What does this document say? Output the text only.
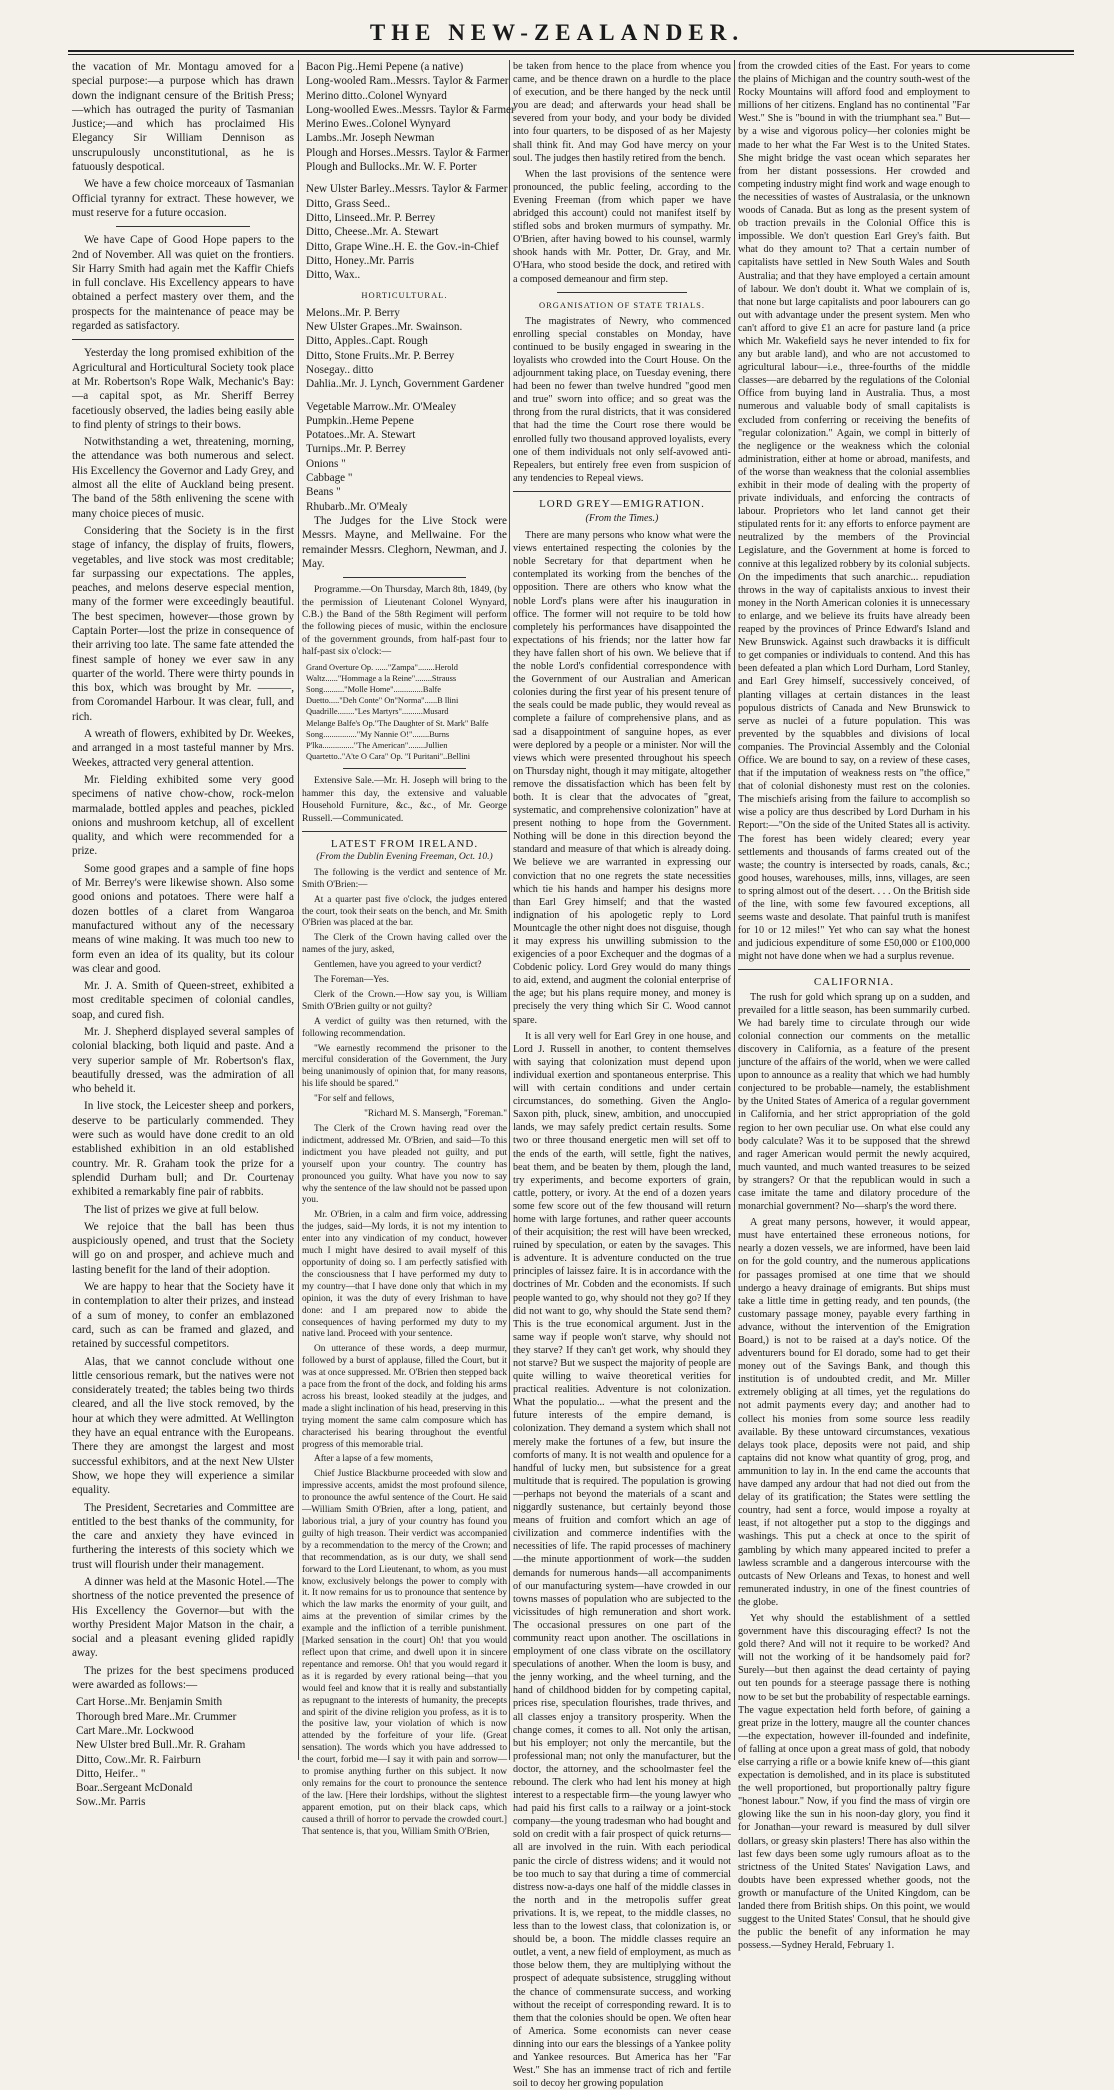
THE NEW-ZEALANDER.

the vacation of Mr. Montagu amoved for a special purpose:—a purpose which has drawn down the indignant censure of the British Press;—which has outraged the purity of Tasmanian Justice;—and which has proclaimed His Elegancy Sir William Dennison as unscrupulously unconstitutional, as he is fatuously despotical.

We have a few choice morceaux of Tasmanian Official tyranny for extract. These however, we must reserve for a future occasion.

We have Cape of Good Hope papers to the 2nd of November. All was quiet on the frontiers. Sir Harry Smith had again met the Kaffir Chiefs in full conclave. His Excellency appears to have obtained a perfect mastery over them, and the prospects for the maintenance of peace may be regarded as satisfactory.

Yesterday the long promised exhibition of the Agricultural and Horticultural Society took place at Mr. Robertson's Rope Walk, Mechanic's Bay:—a capital spot, as Mr. Sheriff Berrey facetiously observed, the ladies being easily able to find plenty of strings to their bows.

Notwithstanding a wet, threatening, morning, the attendance was both numerous and select. His Excellency the Governor and Lady Grey, and almost all the elite of Auckland being present. The band of the 58th enlivening the scene with many choice pieces of music.

Considering that the Society is in the first stage of infancy, the display of fruits, flowers, vegetables, and live stock was most creditable; far surpassing our expectations. The apples, peaches, and melons deserve especial mention, many of the former were exceedingly beautiful. The best specimen, however—those grown by Captain Porter—lost the prize in consequence of their arriving too late. The same fate attended the finest sample of honey we ever saw in any quarter of the world. There were thirty pounds in this box, which was brought by Mr. ———, from Coromandel Harbour. It was clear, full, and rich.

A wreath of flowers, exhibited by Dr. Weekes, and arranged in a most tasteful manner by Mrs. Weekes, attracted very general attention.

Mr. Fielding exhibited some very good specimens of native chow-chow, rock-melon marmalade, bottled apples and peaches, pickled onions and mushroom ketchup, all of excellent quality, and which were recommended for a prize.

Some good grapes and a sample of fine hops of Mr. Berrey's were likewise shown. Also some good onions and potatoes. There were half a dozen bottles of a claret from Wangaroa manufactured without any of the necessary means of wine making. It was much too new to form even an idea of its quality, but its colour was clear and good.

Mr. J. A. Smith of Queen-street, exhibited a most creditable specimen of colonial candles, soap, and cured fish.

Mr. J. Shepherd displayed several samples of colonial blacking, both liquid and paste. And a very superior sample of Mr. Robertson's flax, beautifully dressed, was the admiration of all who beheld it.

In live stock, the Leicester sheep and porkers, deserve to be particularly commended. They were such as would have done credit to an old established exhibition in an old established country. Mr. R. Graham took the prize for a splendid Durham bull; and Dr. Courtenay exhibited a remarkably fine pair of rabbits.

The list of prizes we give at full below.

We rejoice that the ball has been thus auspiciously opened, and trust that the Society will go on and prosper, and achieve much and lasting benefit for the land of their adoption.

We are happy to hear that the Society have it in contemplation to alter their prizes, and instead of a sum of money, to confer an emblazoned card, such as can be framed and glazed, and retained by successful competitors.

Alas, that we cannot conclude without one little censorious remark, but the natives were not considerately treated; the tables being two thirds cleared, and all the live stock removed, by the hour at which they were admitted. At Wellington they have an equal entrance with the Europeans. There they are amongst the largest and most successful exhibitors, and at the next New Ulster Show, we hope they will experience a similar equality.

The President, Secretaries and Committee are entitled to the best thanks of the community, for the care and anxiety they have evinced in furthering the interests of this society which we trust will flourish under their management.

A dinner was held at the Masonic Hotel.—The shortness of the notice prevented the presence of His Excellency the Governor—but with the worthy President Major Matson in the chair, a social and a pleasant evening glided rapidly away.

The prizes for the best specimens produced were awarded as follows:—

Cart Horse..Mr. Benjamin Smith
Thorough bred Mare..Mr. Crummer
Cart Mare..Mr. Lockwood
New Ulster bred Bull..Mr. R. Graham
Ditto, Cow..Mr. R. Fairburn
Ditto, Heifer.. "
Boar..Sergeant McDonald
Sow..Mr. Parris
Bacon Pig..Hemi Pepene (a native)
Long-wooled Ram..Messrs. Taylor & Farmer
Merino ditto..Colonel Wynyard
Long-woolled Ewes..Messrs. Taylor & Farmer
Merino Ewes..Colonel Wynyard
Lambs..Mr. Joseph Newman
Plough and Horses..Messrs. Taylor & Farmer
Plough and Bullocks..Mr. W. F. Porter
New Ulster Barley..Messrs. Taylor & Farmer
Ditto, Grass Seed..
Ditto, Linseed..Mr. P. Berrey
Ditto, Cheese..Mr. A. Stewart
Ditto, Grape Wine..H. E. the Gov.-in-Chief
Ditto, Honey..Mr. Parris
Ditto, Wax..
HORTICULTURAL.
Melons..Mr. P. Berry
New Ulster Grapes..Mr. Swainson.
Ditto, Apples..Capt. Rough
Ditto, Stone Fruits..Mr. P. Berrey
Nosegay.. ditto
Dahlia..Mr. J. Lynch, Government Gardener
Vegetable Marrow..Mr. O'Mealey
Pumpkin..Heme Pepene
Potatoes..Mr. A. Stewart
Turnips..Mr. P. Berrey
Onions "
Cabbage "
Beans "
Rhubarb..Mr. O'Mealy

The Judges for the Live Stock were Messrs. Mayne, and Mellwaine. For the remainder Messrs. Cleghorn, Newman, and J. May.

Programme.—On Thursday, March 8th, 1849, (by the permission of Lieutenant Colonel Wynyard, C.B.) the Band of the 58th Regiment will perform the following pieces of music, within the enclosure of the government grounds, from half-past four to half-past six o'clock:—

Grand Overture Op. ......"Zampa"........Herold
Waltz......"Hommage a la Reine"........Strauss
Song.........."Molle Home"..............Balfe
Duetto....."Deh Conte" On"Norma"......B llini
Quadrille........"Les Martyrs"..........Musard
Melange Balfe's Op."The Daughter of St. Mark" Balfe
Song................"My Nannie O!"........Burns
P'lka..............."The American"........Jullien
Quartetto.."A'te O Cara" Op. "I Puritani"..Bellini

Extensive Sale.—Mr. H. Joseph will bring to the hammer this day, the extensive and valuable Household Furniture, &c., &c., of Mr. George Russell.—Communicated.

LATEST FROM IRELAND.
(From the Dublin Evening Freeman, Oct. 10.)

The following is the verdict and sentence of Mr. Smith O'Brien:—

At a quarter past five o'clock, the judges entered the court, took their seats on the bench, and Mr. Smith O'Brien was placed at the bar.

The Clerk of the Crown having called over the names of the jury, asked,

Gentlemen, have you agreed to your verdict?

The Foreman—Yes.

Clerk of the Crown.—How say you, is William Smith O'Brien guilty or not guilty?

A verdict of guilty was then returned, with the following recommendation.

"We earnestly recommend the prisoner to the merciful consideration of the Government, the Jury being unanimously of opinion that, for many reasons, his life should be spared."

"For self and fellows,

"Richard M. S. Mansergh, "Foreman."

The Clerk of the Crown having read over the indictment, addressed Mr. O'Brien, and said—To this indictment you have pleaded not guilty, and put yourself upon your country. The country has pronounced you guilty. What have you now to say why the sentence of the law should not be passed upon you.

Mr. O'Brien, in a calm and firm voice, addressing the judges, said—My lords, it is not my intention to enter into any vindication of my conduct, however much I might have desired to avail myself of this opportunity of doing so. I am perfectly satisfied with the consciousness that I have performed my duty to my country—that I have done only that which in my opinion, it was the duty of every Irishman to have done: and I am prepared now to abide the consequences of having performed my duty to my native land. Proceed with your sentence.

On utterance of these words, a deep murmur, followed by a burst of applause, filled the Court, but it was at once suppressed. Mr. O'Brien then stepped back a pace from the front of the dock, and folding his arms across his breast, looked steadily at the judges, and made a slight inclination of his head, preserving in this trying moment the same calm composure which has characterised his bearing throughout the eventful progress of this memorable trial.

After a lapse of a few moments,

Chief Justice Blackburne proceeded with slow and impressive accents, amidst the most profound silence, to pronounce the awful sentence of the Court. He said—William Smith O'Brien, after a long, patient, and laborious trial, a jury of your country has found you guilty of high treason. Their verdict was accompanied by a recommendation to the mercy of the Crown; and that recommendation, as is our duty, we shall send forward to the Lord Lieutenant, to whom, as you must know, exclusively belongs the power to comply with it. It now remains for us to pronounce that sentence by which the law marks the enormity of your guilt, and aims at the prevention of similar crimes by the example and the infliction of a terrible punishment. [Marked sensation in the court] Oh! that you would reflect upon that crime, and dwell upon it in sincere repentance and remorse. Oh! that you would regard it as it is regarded by every rational being—that you would feel and know that it is really and substantially as repugnant to the interests of humanity, the precepts and spirit of the divine religion you profess, as it is to the positive law, your violation of which is now attended by the forfeiture of your life. (Great sensation). The words which you have addressed to the court, forbid me—I say it with pain and sorrow—to promise anything further on this subject. It now only remains for the court to pronounce the sentence of the law. [Here their lordships, without the slightest apparent emotion, put on their black caps, which caused a thrill of horror to pervade the crowded court.] That sentence is, that you, William Smith O'Brien,

be taken from hence to the place from whence you came, and be thence drawn on a hurdle to the place of execution, and be there hanged by the neck until you are dead; and afterwards your head shall be severed from your body, and your body be divided into four quarters, to be disposed of as her Majesty shall think fit. And may God have mercy on your soul. The judges then hastily retired from the bench.

When the last provisions of the sentence were pronounced, the public feeling, according to the Evening Freeman (from which paper we have abridged this account) could not manifest itself by stifled sobs and broken murmurs of sympathy. Mr. O'Brien, after having bowed to his counsel, warmly shook hands with Mr. Potter, Dr. Gray, and Mr. O'Hara, who stood beside the dock, and retired with a composed demeanour and firm step.

ORGANISATION OF STATE TRIALS.

The magistrates of Newry, who commenced enrolling special constables on Monday, have continued to be busily engaged in swearing in the loyalists who crowded into the Court House. On the adjournment taking place, on Tuesday evening, there had been no fewer than twelve hundred "good men and true" sworn into office; and so great was the throng from the rural districts, that it was considered that had the time the Court rose there would be enrolled fully two thousand approved loyalists, every one of them individuals not only self-avowed anti-Repealers, but entirely free even from suspicion of any tendencies to Repeal views.

LORD GREY—EMIGRATION.
(From the Times.)

There are many persons who know what were the views entertained respecting the colonies by the noble Secretary for that department when he contemplated its working from the benches of the opposition. There are others who know what the noble Lord's plans were after his inauguration in office. The former will not require to be told how completely his performances have disappointed the expectations of his friends; nor the latter how far they have fallen short of his own. We believe that if the noble Lord's confidential correspondence with the Government of our Australian and American colonies during the first year of his present tenure of the seals could be made public, they would reveal as complete a failure of comprehensive plans, and as sad a disappointment of sanguine hopes, as ever were deplored by a people or a minister. Nor will the views which were presented throughout his speech on Thursday night, though it may mitigate, altogether remove the dissatisfaction which has been felt by both. It is clear that the advocates of "great, systematic, and comprehensive colonization" have at present nothing to hope from the Government. Nothing will be done in this direction beyond the standard and measure of that which is already doing. We believe we are warranted in expressing our conviction that no one regrets the state necessities which tie his hands and hamper his designs more than Earl Grey himself; and that the wasted indignation of his apologetic reply to Lord Mountcagle the other night does not disguise, though it may express his unwilling submission to the exigencies of a poor Exchequer and the dogmas of a Cobdenic policy. Lord Grey would do many things to aid, extend, and augment the colonial enterprise of the age; but his plans require money, and money is precisely the very thing which Sir C. Wood cannot spare.

It is all very well for Earl Grey in one house, and Lord J. Russell in another, to content themselves with saying that colonization must depend upon individual exertion and spontaneous enterprise. This will with certain conditions and under certain circumstances, do something. Given the Anglo-Saxon pith, pluck, sinew, ambition, and unoccupied lands, we may safely predict certain results. Some two or three thousand energetic men will set off to the ends of the earth, will settle, fight the natives, beat them, and be beaten by them, plough the land, try experiments, and become exporters of grain, cattle, pottery, or ivory. At the end of a dozen years some few score out of the few thousand will return home with large fortunes, and rather queer accounts of their acquisition; the rest will have been wrecked, ruined by speculation, or eaten by the savages. This is adventure. It is adventure conducted on the true principles of laissez faire. It is in accordance with the doctrines of Mr. Cobden and the economists. If such people wanted to go, why should not they go? If they did not want to go, why should the State send them? This is the true economical argument. Just in the same way if people won't starve, why should not they starve? If they can't get work, why should they not starve? But we suspect the majority of people are quite willing to waive theoretical verities for practical realities. Adventure is not colonization. What the populatio... —what the present and the future interests of the empire demand, is colonization. They demand a system which shall not merely make the fortunes of a few, but insure the comforts of many. It is not wealth and opulence for a handful of lucky men, but subsistence for a great multitude that is required. The population is growing—perhaps not beyond the materials of a scant and niggardly sustenance, but certainly beyond those means of fruition and comfort which an age of civilization and commerce indentifies with the necessities of life. The rapid processes of machinery—the minute apportionment of work—the sudden demands for numerous hands—all accompaniments of our manufacturing system—have crowded in our towns masses of population who are subjected to the vicissitudes of high remuneration and short work. The occasional pressures on one part of the community react upon another. The oscillations in employment of one class vibrate on the oscillatory speculations of another. When the loom is busy, and the jenny working, and the wheel turning, and the hand of childhood bidden for by competing capital, prices rise, speculation flourishes, trade thrives, and all classes enjoy a transitory prosperity. When the change comes, it comes to all. Not only the artisan, but his employer; not only the mercantile, but the professional man; not only the manufacturer, but the doctor, the attorney, and the schoolmaster feel the rebound. The clerk who had lent his money at high interest to a respectable firm—the young lawyer who had paid his first calls to a railway or a joint-stock company—the young tradesman who had bought and sold on credit with a fair prospect of quick returns—all are involved in the ruin. With each periodical panic the circle of distress widens; and it would not be too much to say that during a time of commercial distress now-a-days one half of the middle classes in the north and in the metropolis suffer great privations. It is, we repeat, to the middle classes, no less than to the lowest class, that colonization is, or should be, a boon. The middle classes require an outlet, a vent, a new field of employment, as much as those below them, they are multiplying without the prospect of adequate subsistence, struggling without the chance of commensurate success, and working without the receipt of corresponding reward. It is to them that the colonies should be open. We often hear of America. Some economists can never cease dinning into our ears the blessings of a Yankee polity and Yankee resources. But America has her "Far West." She has an immense tract of rich and fertile soil to decoy her growing population

from the crowded cities of the East. For years to come the plains of Michigan and the country south-west of the Rocky Mountains will afford food and employment to millions of her citizens. England has no continental "Far West." She is "bound in with the triumphant sea." But—by a wise and vigorous policy—her colonies might be made to her what the Far West is to the United States. She might bridge the vast ocean which separates her from her distant possessions. Her crowded and competing industry might find work and wage enough to the necessities of wastes of Australasia, or the unknown woods of Canada. But as long as the present system of ob traction prevails in the Colonial Office this is impossible. We don't question Earl Grey's faith. But what do they amount to? That a certain number of capitalists have settled in New South Wales and South Australia; and that they have employed a certain amount of labour. We don't doubt it. What we complain of is, that none but large capitalists and poor labourers can go out with advantage under the present system. Men who can't afford to give £1 an acre for pasture land (a price which Mr. Wakefield says he never intended to fix for any but arable land), and who are not accustomed to agricultural labour—i.e., three-fourths of the middle classes—are debarred by the regulations of the Colonial Office from buying land in Australia. Thus, a most numerous and valuable body of small capitalists is excluded from conferring or receiving the benefits of "regular colonization." Again, we compl in bitterly of the negligence or the weakness which the colonial administration, either at home or abroad, manifests, and of the worse than weakness that the colonial assemblies exhibit in their mode of dealing with the property of private individuals, and enforcing the contracts of labour. Proprietors who let land cannot get their stipulated rents for it: any efforts to enforce payment are neutralized by the members of the Provincial Legislature, and the Government at home is forced to connive at this legalized robbery by its colonial subjects. On the impediments that such anarchic... repudiation throws in the way of capitalists anxious to invest their money in the North American colonies it is unnecessary to enlarge, and we believe its fruits have already been reaped by the provinces of Prince Edward's Island and New Brunswick. Against such drawbacks it is difficult to get companies or individuals to contend. And this has been defeated a plan which Lord Durham, Lord Stanley, and Earl Grey himself, successively conceived, of planting villages at certain distances in the least populous districts of Canada and New Brunswick to serve as nuclei of a future population. This was prevented by the squabbles and divisions of local companies. The Provincial Assembly and the Colonial Office. We are bound to say, on a review of these cases, that if the imputation of weakness rests on "the office," that of colonial dishonesty must rest on the colonies. The mischiefs arising from the failure to accomplish so wise a policy are thus described by Lord Durham in his Report:—"On the side of the United States all is activity. The forest has been widely cleared; every year settlements and thousands of farms created out of the waste; the country is intersected by roads, canals, &c.; good houses, warehouses, mills, inns, villages, are seen to spring almost out of the desert. . . . On the British side of the line, with some few favoured exceptions, all seems waste and desolate. That painful truth is manifest for 10 or 12 miles!" Yet who can say what the honest and judicious expenditure of some £50,000 or £100,000 might not have done when we had a surplus revenue.

CALIFORNIA.

The rush for gold which sprang up on a sudden, and prevailed for a little season, has been summarily curbed. We had barely time to circulate through our wide colonial connection our comments on the metallic discovery in California, as a feature of the present juncture of the affairs of the world, when we were called upon to announce as a reality that which we had humbly conjectured to be probable—namely, the establishment by the United States of America of a regular government in California, and her strict appropriation of the gold region to her own peculiar use. On what else could any body calculate? Was it to be supposed that the shrewd and rager American would permit the newly acquired, much vaunted, and much wanted treasures to be seized by strangers? Or that the republican would in such a case imitate the tame and dilatory procedure of the monarchial government? No—sharp's the word there.

A great many persons, however, it would appear, must have entertained these erroneous notions, for nearly a dozen vessels, we are informed, have been laid on for the gold country, and the numerous applications for passages promised at one time that we should undergo a heavy drainage of emigrants. But ships must take a little time in getting ready, and ten pounds, (the customary passage money, payable every farthing in advance, without the intervention of the Emigration Board,) is not to be raised at a day's notice. Of the adventurers bound for El dorado, some had to get their money out of the Savings Bank, and though this institution is of undoubted credit, and Mr. Miller extremely obliging at all times, yet the regulations do not admit payments every day; and another had to collect his monies from some source less readily available. By these untoward circumstances, vexatious delays took place, deposits were not paid, and ship captains did not know what quantity of grog, prog, and ammunition to lay in. In the end came the accounts that have damped any ardour that had not died out from the delay of its gratification; the States were settling the country, had sent a force, would impose a royalty at least, if not altogether put a stop to the diggings and washings. This put a check at once to the spirit of gambling by which many appeared incited to prefer a lawless scramble and a dangerous intercourse with the outcasts of New Orleans and Texas, to honest and well remunerated industry, in one of the finest countries of the globe.

Yet why should the establishment of a settled government have this discouraging effect? Is not the gold there? And will not it require to be worked? And will not the working of it be handsomely paid for? Surely—but then against the dead certainty of paying out ten pounds for a steerage passage there is nothing now to be set but the probability of respectable earnings. The vague expectation held forth before, of gaining a great prize in the lottery, maugre all the counter chances—the expectation, however ill-founded and indefinite, of falling at once upon a great mass of gold, that nobody else carrying a rifle or a bowie knife knew of—this giant expectation is demolished, and in its place is substituted the well proportioned, but proportionally paltry figure "honest labour." Now, if you find the mass of virgin ore glowing like the sun in his noon-day glory, you find it for Jonathan—your reward is measured by dull silver dollars, or greasy skin plasters! There has also within the last few days been some ugly rumours afloat as to the strictness of the United States' Navigation Laws, and doubts have been expressed whether goods, not the growth or manufacture of the United Kingdom, can be landed there from British ships. On this point, we would suggest to the United States' Consul, that he should give the public the benefit of any information he may possess.—Sydney Herald, February 1.
